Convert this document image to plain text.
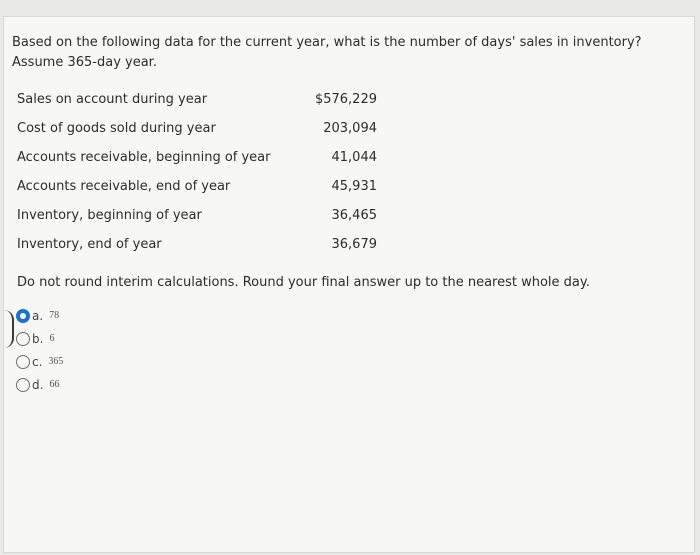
Based on the following data for the current year, what is the number of days' sales in inventory? Assume 365-day year.

Sales on account during year	$576,229
Cost of goods sold during year	203,094
Accounts receivable, beginning of year	41,044
Accounts receivable, end of year	45,931
Inventory, beginning of year	36,465
Inventory, end of year	36,679

Do not round interim calculations. Round your final answer up to the nearest whole day.

a. 78
b. 6
c. 365
d. 66
